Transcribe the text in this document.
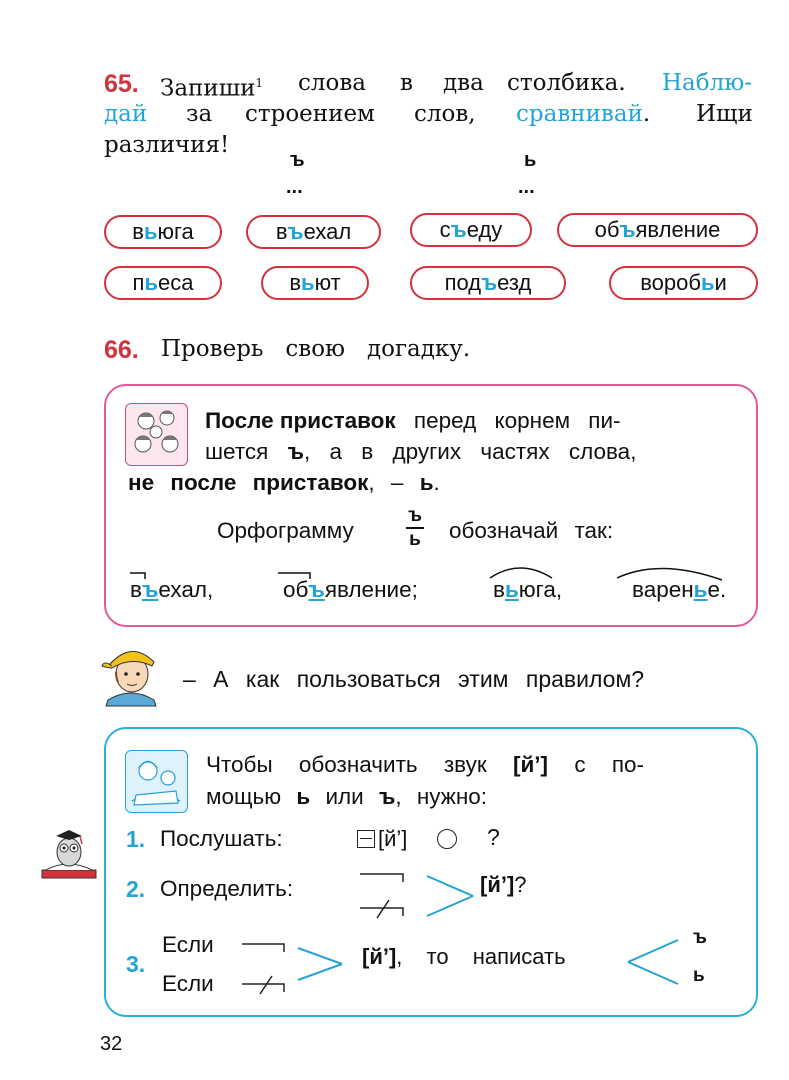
65. Запиши$^1$	слова в два столбика. Наблю-
дай за строением слов, сравнивай. Ищи
различия!
ъ	ь
...	...
в ь юга	в ъ ехал	с ъ еду	об ъ явление
п ь еса	в ь ют	под ъ езд	вороб ь и
66. Проверь   свою   догадку.
После приставок перед корнем пи-
шется ъ, а в других частях слова,
не после приставок, – ь.
Орфограмму
ъ
ь обозначай так:
въехал,	объявление;	вьюга,	варенье.
– А как пользоваться этим правилом?
Чтобы обозначить звук [й’] с по-
мощью ь или ъ, нужно:
1. Послушать:	[й’]	?
2. Определить:	[й’]?
3.
Если
Если
[й’], то написать
ъ
ь
32
